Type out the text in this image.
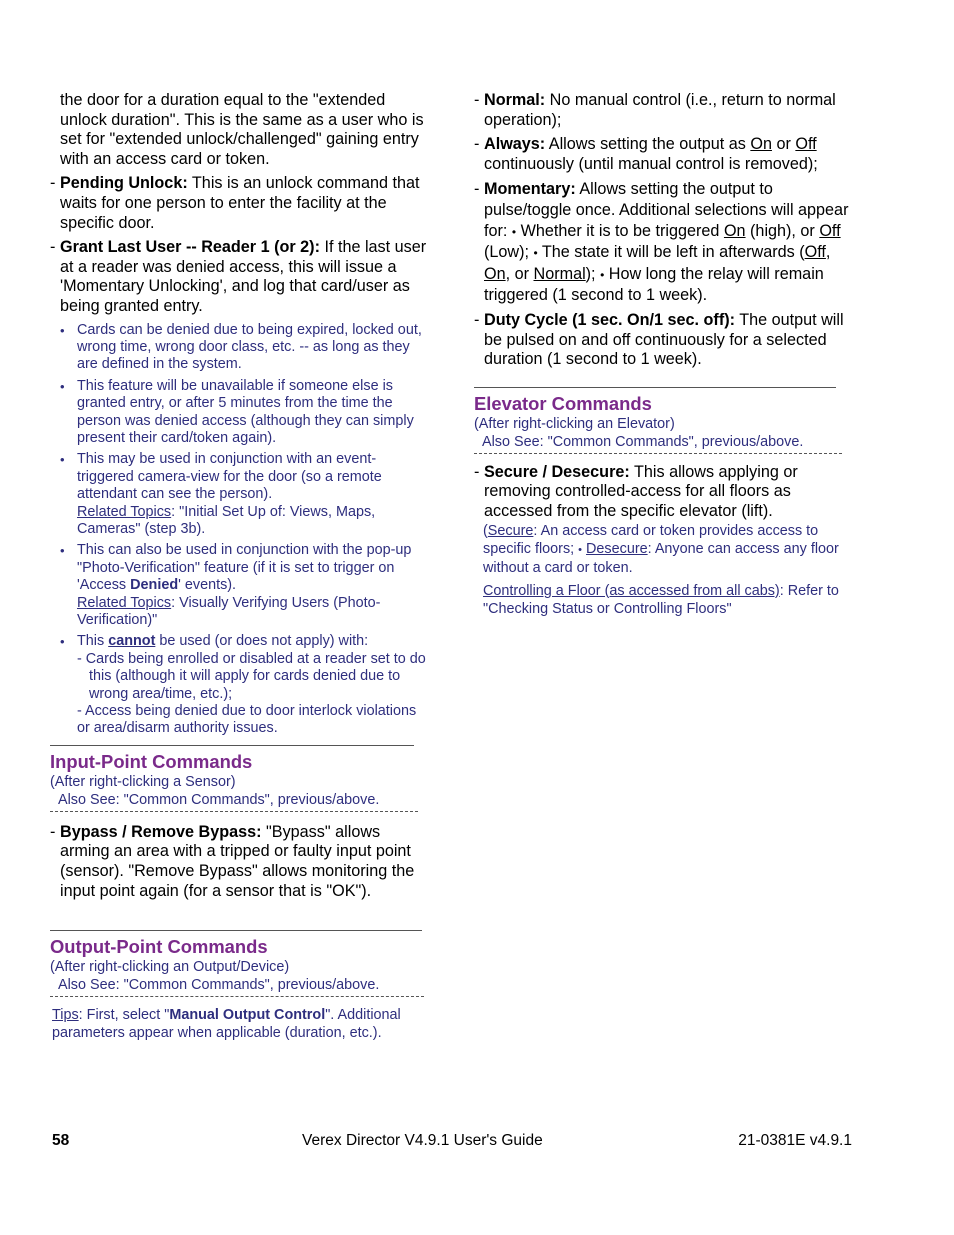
the door for a duration equal to the "extended unlock duration". This is the same as a user who is set for "extended unlock/challenged" gaining entry with an access card or token.

- Pending Unlock: This is an unlock command that waits for one person to enter the facility at the specific door.
- Grant Last User -- Reader 1 (or 2): If the last user at a reader was denied access, this will issue a 'Momentary Unlocking', and log that card/user as being granted entry.
• Cards can be denied due to being expired, locked out, wrong time, wrong door class, etc. -- as long as they are defined in the system.
• This feature will be unavailable if someone else is granted entry, or after 5 minutes from the time the person was denied access (although they can simply present their card/token again).
• This may be used in conjunction with an event-triggered camera-view for the door (so a remote attendant can see the person).
Related Topics: "Initial Set Up of: Views, Maps, Cameras" (step 3b).
• This can also be used in conjunction with the pop-up "Photo-Verification" feature (if it is set to trigger on 'Access Denied' events).
Related Topics: Visually Verifying Users (Photo-Verification)"
• This cannot be used (or does not apply) with:
- Cards being enrolled or disabled at a reader set to do this (although it will apply for cards denied due to wrong area/time, etc.);
- Access being denied due to door interlock violations or area/disarm authority issues.

Input-Point Commands

(After right-clicking a Sensor)

Also See: "Common Commands", previous/above.

- Bypass / Remove Bypass: "Bypass" allows arming an area with a tripped or faulty input point (sensor). "Remove Bypass" allows monitoring the input point again (for a sensor that is "OK").

Output-Point Commands

(After right-clicking an Output/Device)

Also See: "Common Commands", previous/above.

Tips: First, select "Manual Output Control". Additional parameters appear when applicable (duration, etc.).

- Normal: No manual control (i.e., return to normal operation);
- Always: Allows setting the output as On or Off continuously (until manual control is removed);
- Momentary: Allows setting the output to pulse/toggle once. Additional selections will appear for: • Whether it is to be triggered On (high), or Off (Low); • The state it will be left in afterwards (Off, On, or Normal); • How long the relay will remain triggered (1 second to 1 week).
- Duty Cycle (1 sec. On/1 sec. off): The output will be pulsed on and off continuously for a selected duration (1 second to 1 week).

Elevator Commands

(After right-clicking an Elevator)

Also See: "Common Commands", previous/above.

- Secure / Desecure: This allows applying or removing controlled-access for all floors as accessed from the specific elevator (lift).

(Secure: An access card or token provides access to specific floors; • Desecure: Anyone can access any floor without a card or token.

Controlling a Floor (as accessed from all cabs): Refer to "Checking Status or Controlling Floors"

58	Verex Director V4.9.1 User's Guide	21-0381E v4.9.1
